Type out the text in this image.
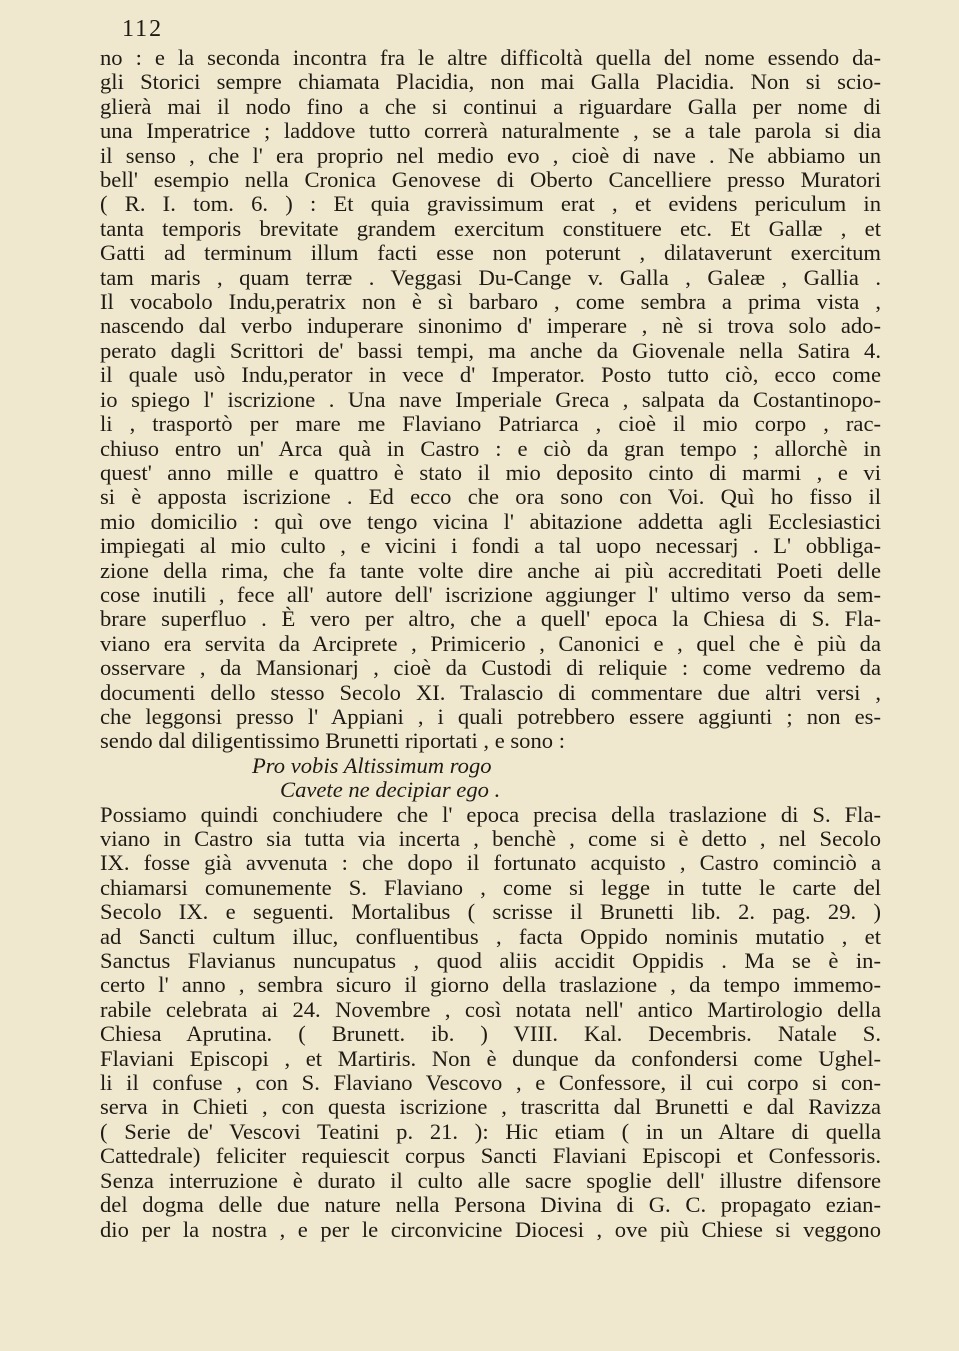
112
no : e la seconda incontra fra le altre difficoltà quella del nome essendo da-
gli Storici sempre chiamata Placidia, non mai Galla Placidia. Non si scio-
glierà mai il nodo fino a che si continui a riguardare Galla per nome di
una Imperatrice ; laddove tutto correrà naturalmente , se a tale parola si dia
il senso , che l' era proprio nel medio evo , cioè di nave . Ne abbiamo un
bell' esempio nella Cronica Genovese di Oberto Cancelliere presso Muratori
( R. I. tom. 6. ) : Et quia gravissimum erat , et evidens periculum in
tanta temporis brevitate grandem exercitum constituere etc. Et Gallæ , et
Gatti ad terminum illum facti esse non poterunt , dilataverunt exercitum
tam maris , quam terræ . Veggasi Du-Cange v. Galla , Galeæ , Gallia .
Il vocabolo Indu,peratrix non è sì barbaro , come sembra a prima vista ,
nascendo dal verbo induperare sinonimo d' imperare , nè si trova solo ado-
perato dagli Scrittori de' bassi tempi, ma anche da Giovenale nella Satira 4.
il quale usò Indu,perator in vece d' Imperator. Posto tutto ciò, ecco come
io spiego l' iscrizione . Una nave Imperiale Greca , salpata da Costantinopo-
li , trasportò per mare me Flaviano Patriarca , cioè il mio corpo , rac-
chiuso entro un' Arca quà in Castro : e ciò da gran tempo ; allorchè in
quest' anno mille e quattro è stato il mio deposito cinto di marmi , e vi
si è apposta iscrizione . Ed ecco che ora sono con Voi. Quì ho fisso il
mio domicilio : quì ove tengo vicina l' abitazione addetta agli Ecclesiastici
impiegati al mio culto , e vicini i fondi a tal uopo necessarj . L' obbliga-
zione della rima, che fa tante volte dire anche ai più accreditati Poeti delle
cose inutili , fece all' autore dell' iscrizione aggiunger l' ultimo verso da sem-
brare superfluo . È vero per altro, che a quell' epoca la Chiesa di S. Fla-
viano era servita da Arciprete , Primicerio , Canonici e , quel che è più da
osservare , da Mansionarj , cioè da Custodi di reliquie : come vedremo da
documenti dello stesso Secolo XI. Tralascio di commentare due altri versi ,
che leggonsi presso l' Appiani , i quali potrebbero essere aggiunti ; non es-
sendo dal diligentissimo Brunetti riportati , e sono :
Pro vobis Altissimum rogo
Cavete ne decipiar ego .
Possiamo quindi conchiudere che l' epoca precisa della traslazione di S. Fla-
viano in Castro sia tutta via incerta , benchè , come si è detto , nel Secolo
IX. fosse già avvenuta : che dopo il fortunato acquisto , Castro cominciò a
chiamarsi comunemente S. Flaviano , come si legge in tutte le carte del
Secolo IX. e seguenti. Mortalibus ( scrisse il Brunetti lib. 2. pag. 29. )
ad Sancti cultum illuc, confluentibus , facta Oppido nominis mutatio , et
Sanctus Flavianus nuncupatus , quod aliis accidit Oppidis . Ma se è in-
certo l' anno , sembra sicuro il giorno della traslazione , da tempo immemo-
rabile celebrata ai 24. Novembre , così notata nell' antico Martirologio della
Chiesa Aprutina. ( Brunett. ib. ) VIII. Kal. Decembris. Natale S.
Flaviani Episcopi , et Martiris. Non è dunque da confondersi come Ughel-
li il confuse , con S. Flaviano Vescovo , e Confessore, il cui corpo si con-
serva in Chieti , con questa iscrizione , trascritta dal Brunetti e dal Ravizza
( Serie de' Vescovi Teatini p. 21. ): Hic etiam ( in un Altare di quella
Cattedrale) feliciter requiescit corpus Sancti Flaviani Episcopi et Confessoris.
Senza interruzione è durato il culto alle sacre spoglie dell' illustre difensore
del dogma delle due nature nella Persona Divina di G. C. propagato ezian-
dio per la nostra , e per le circonvicine Diocesi , ove più Chiese si veggono
